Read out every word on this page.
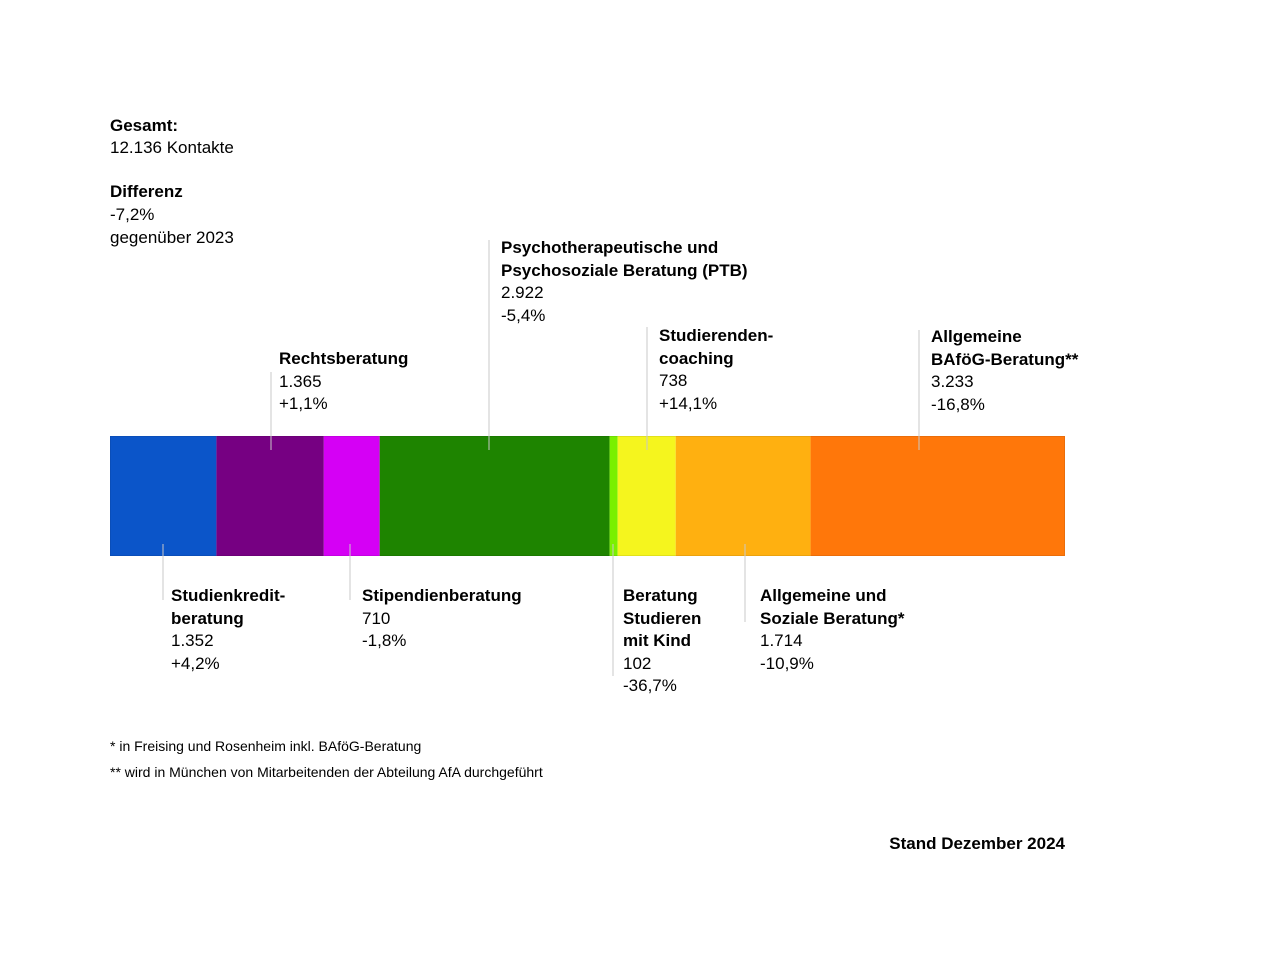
Gesamt:
12.136 Kontakte
Differenz
-7,2%
gegenüber 2023
Studienkredit-
beratung
1.352
+4,2%
Rechtsberatung
1.365
+1,1%
Stipendienberatung
710
-1,8%
Psychotherapeutische und
Psychosoziale Beratung (PTB)
2.922
-5,4%
Beratung
Studieren
mit Kind
102
-36,7%
Studierenden-
coaching
738
+14,1%
Allgemeine und
Soziale Beratung*
1.714
-10,9%
Allgemeine
BAföG-Beratung**
3.233
-16,8%
* in Freising und Rosenheim inkl. BAföG-Beratung
** wird in München von Mitarbeitenden der Abteilung AfA durchgeführt
Stand Dezember 2024
